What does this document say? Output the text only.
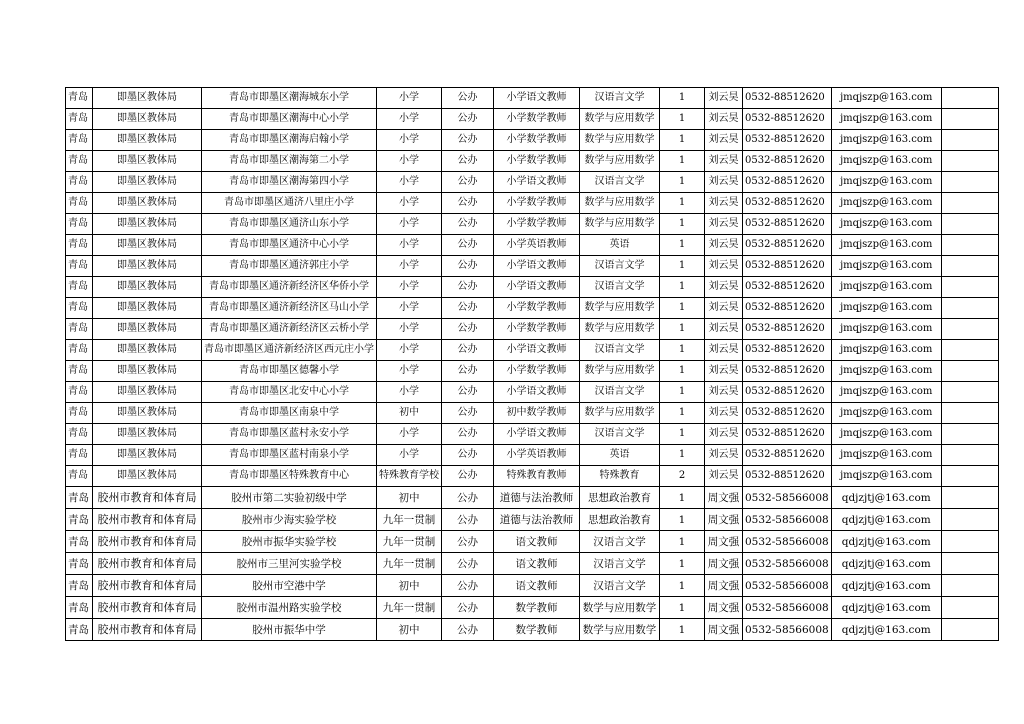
青岛	即墨区教体局	青岛市即墨区潮海城东小学	小学	公办	小学语文教师	汉语言文学	1	刘云昊	0532-88512620	jmqjszp@163.com	
青岛	即墨区教体局	青岛市即墨区潮海中心小学	小学	公办	小学数学教师	数学与应用数学	1	刘云昊	0532-88512620	jmqjszp@163.com	
青岛	即墨区教体局	青岛市即墨区潮海启翰小学	小学	公办	小学数学教师	数学与应用数学	1	刘云昊	0532-88512620	jmqjszp@163.com	
青岛	即墨区教体局	青岛市即墨区潮海第二小学	小学	公办	小学数学教师	数学与应用数学	1	刘云昊	0532-88512620	jmqjszp@163.com	
青岛	即墨区教体局	青岛市即墨区潮海第四小学	小学	公办	小学语文教师	汉语言文学	1	刘云昊	0532-88512620	jmqjszp@163.com	
青岛	即墨区教体局	青岛市即墨区通济八里庄小学	小学	公办	小学数学教师	数学与应用数学	1	刘云昊	0532-88512620	jmqjszp@163.com	
青岛	即墨区教体局	青岛市即墨区通济山东小学	小学	公办	小学数学教师	数学与应用数学	1	刘云昊	0532-88512620	jmqjszp@163.com	
青岛	即墨区教体局	青岛市即墨区通济中心小学	小学	公办	小学英语教师	英语	1	刘云昊	0532-88512620	jmqjszp@163.com	
青岛	即墨区教体局	青岛市即墨区通济郭庄小学	小学	公办	小学语文教师	汉语言文学	1	刘云昊	0532-88512620	jmqjszp@163.com	
青岛	即墨区教体局	青岛市即墨区通济新经济区华侨小学	小学	公办	小学语文教师	汉语言文学	1	刘云昊	0532-88512620	jmqjszp@163.com	
青岛	即墨区教体局	青岛市即墨区通济新经济区马山小学	小学	公办	小学数学教师	数学与应用数学	1	刘云昊	0532-88512620	jmqjszp@163.com	
青岛	即墨区教体局	青岛市即墨区通济新经济区云桥小学	小学	公办	小学数学教师	数学与应用数学	1	刘云昊	0532-88512620	jmqjszp@163.com	
青岛	即墨区教体局	青岛市即墨区通济新经济区西元庄小学	小学	公办	小学语文教师	汉语言文学	1	刘云昊	0532-88512620	jmqjszp@163.com	
青岛	即墨区教体局	青岛市即墨区德馨小学	小学	公办	小学数学教师	数学与应用数学	1	刘云昊	0532-88512620	jmqjszp@163.com	
青岛	即墨区教体局	青岛市即墨区北安中心小学	小学	公办	小学语文教师	汉语言文学	1	刘云昊	0532-88512620	jmqjszp@163.com	
青岛	即墨区教体局	青岛市即墨区南泉中学	初中	公办	初中数学教师	数学与应用数学	1	刘云昊	0532-88512620	jmqjszp@163.com	
青岛	即墨区教体局	青岛市即墨区蓝村永安小学	小学	公办	小学语文教师	汉语言文学	1	刘云昊	0532-88512620	jmqjszp@163.com	
青岛	即墨区教体局	青岛市即墨区蓝村南泉小学	小学	公办	小学英语教师	英语	1	刘云昊	0532-88512620	jmqjszp@163.com	
青岛	即墨区教体局	青岛市即墨区特殊教育中心	特殊教育学校	公办	特殊教育教师	特殊教育	2	刘云昊	0532-88512620	jmqjszp@163.com	
青岛	胶州市教育和体育局	胶州市第二实验初级中学	初中	公办	道德与法治教师	思想政治教育	1	周文强	0532-58566008	qdjzjtj@163.com	
青岛	胶州市教育和体育局	胶州市少海实验学校	九年一贯制	公办	道德与法治教师	思想政治教育	1	周文强	0532-58566008	qdjzjtj@163.com	
青岛	胶州市教育和体育局	胶州市振华实验学校	九年一贯制	公办	语文教师	汉语言文学	1	周文强	0532-58566008	qdjzjtj@163.com	
青岛	胶州市教育和体育局	胶州市三里河实验学校	九年一贯制	公办	语文教师	汉语言文学	1	周文强	0532-58566008	qdjzjtj@163.com	
青岛	胶州市教育和体育局	胶州市空港中学	初中	公办	语文教师	汉语言文学	1	周文强	0532-58566008	qdjzjtj@163.com	
青岛	胶州市教育和体育局	胶州市温州路实验学校	九年一贯制	公办	数学教师	数学与应用数学	1	周文强	0532-58566008	qdjzjtj@163.com	
青岛	胶州市教育和体育局	胶州市振华中学	初中	公办	数学教师	数学与应用数学	1	周文强	0532-58566008	qdjzjtj@163.com	
